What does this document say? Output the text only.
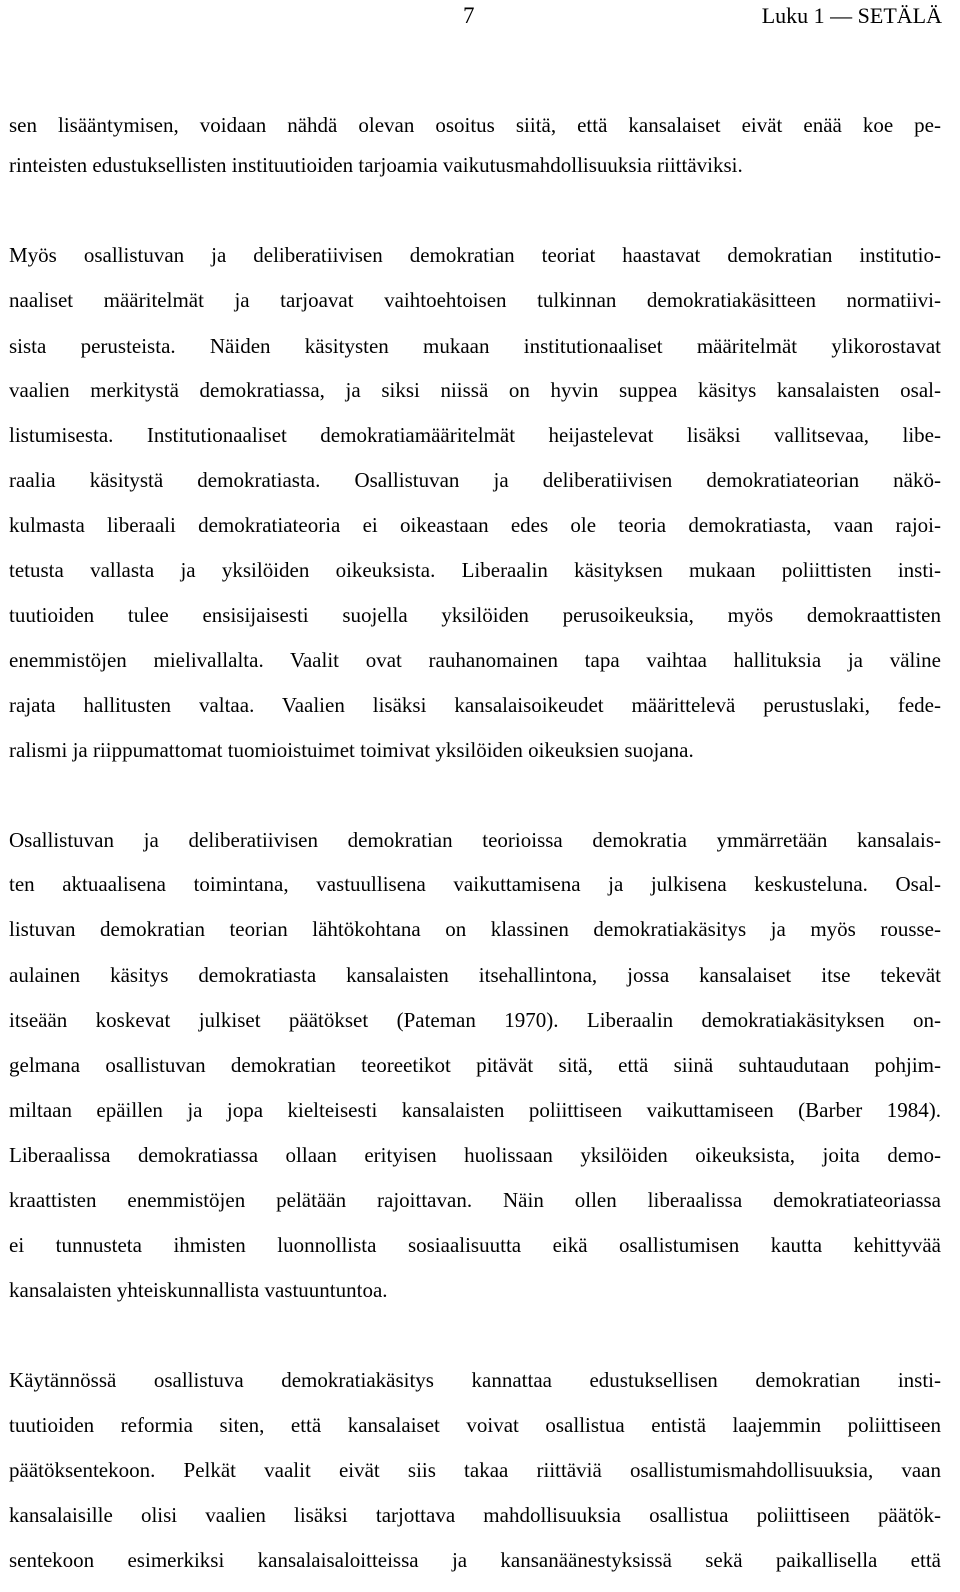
7	Luku 1 — SETÄLÄ
sen lisääntymisen, voidaan nähdä olevan osoitus siitä, että kansalaiset eivät enää koe pe-
rinteisten edustuksellisten instituutioiden tarjoamia vaikutusmahdollisuuksia riittäviksi.
Myös osallistuvan ja deliberatiivisen demokratian teoriat haastavat demokratian institutio-
naaliset määritelmät ja tarjoavat vaihtoehtoisen tulkinnan demokratiakäsitteen normatiivi-
sista perusteista. Näiden käsitysten mukaan institutionaaliset määritelmät ylikorostavat
vaalien merkitystä demokratiassa, ja siksi niissä on hyvin suppea käsitys kansalaisten osal-
listumisesta. Institutionaaliset demokratiamääritelmät heijastelevat lisäksi vallitsevaa, libe-
raalia käsitystä demokratiasta. Osallistuvan ja deliberatiivisen demokratiateorian näkö-
kulmasta liberaali demokratiateoria ei oikeastaan edes ole teoria demokratiasta, vaan rajoi-
tetusta vallasta ja yksilöiden oikeuksista. Liberaalin käsityksen mukaan poliittisten insti-
tuutioiden tulee ensisijaisesti suojella yksilöiden perusoikeuksia, myös demokraattisten
enemmistöjen mielivallalta. Vaalit ovat rauhanomainen tapa vaihtaa hallituksia ja väline
rajata hallitusten valtaa. Vaalien lisäksi kansalaisoikeudet määrittelevä perustuslaki, fede-
ralismi ja riippumattomat tuomioistuimet toimivat yksilöiden oikeuksien suojana.
Osallistuvan ja deliberatiivisen demokratian teorioissa demokratia ymmärretään kansalais-
ten aktuaalisena toimintana, vastuullisena vaikuttamisena ja julkisena keskusteluna. Osal-
listuvan demokratian teorian lähtökohtana on klassinen demokratiakäsitys ja myös rousse-
aulainen käsitys demokratiasta kansalaisten itsehallintona, jossa kansalaiset itse tekevät
itseään koskevat julkiset päätökset (Pateman 1970). Liberaalin demokratiakäsityksen on-
gelmana osallistuvan demokratian teoreetikot pitävät sitä, että siinä suhtaudutaan pohjim-
miltaan epäillen ja jopa kielteisesti kansalaisten poliittiseen vaikuttamiseen (Barber 1984).
Liberaalissa demokratiassa ollaan erityisen huolissaan yksilöiden oikeuksista, joita demo-
kraattisten enemmistöjen pelätään rajoittavan. Näin ollen liberaalissa demokratiateoriassa
ei tunnusteta ihmisten luonnollista sosiaalisuutta eikä osallistumisen kautta kehittyvää
kansalaisten yhteiskunnallista vastuuntuntoa.
Käytännössä osallistuva demokratiakäsitys kannattaa edustuksellisen demokratian insti-
tuutioiden reformia siten, että kansalaiset voivat osallistua entistä laajemmin poliittiseen
päätöksentekoon. Pelkät vaalit eivät siis takaa riittäviä osallistumismahdollisuuksia, vaan
kansalaisille olisi vaalien lisäksi tarjottava mahdollisuuksia osallistua poliittiseen päätök-
sentekoon esimerkiksi kansalaisaloitteissa ja kansanäänestyksissä sekä paikallisella että
